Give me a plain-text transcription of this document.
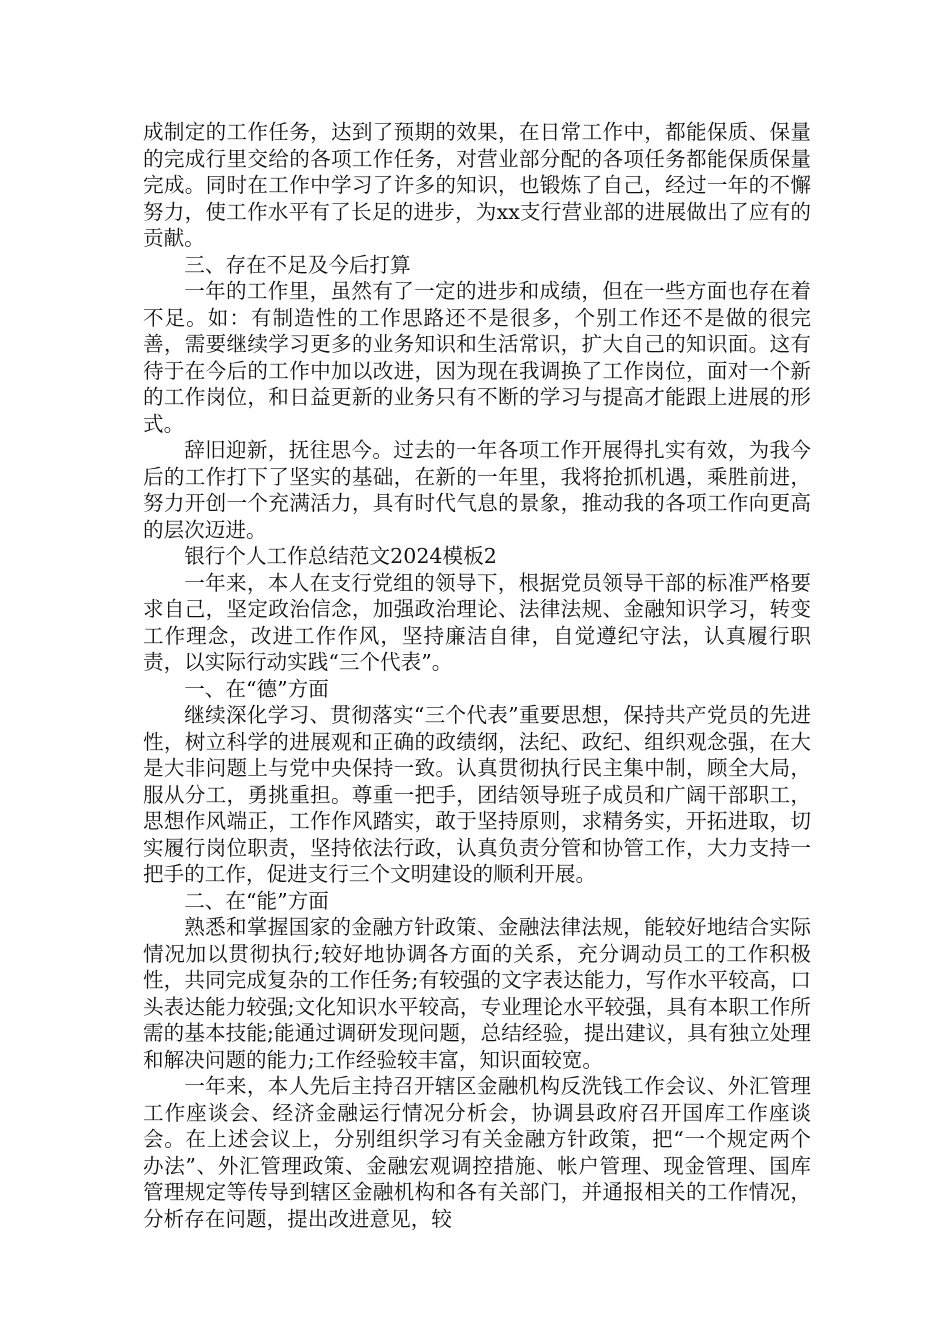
成制定的工作任务，达到了预期的效果，在日常工作中，都能保质、保量的完成行里交给的各项工作任务，对营业部分配的各项任务都能保质保量完成。同时在工作中学习了许多的知识，也锻炼了自己，经过一年的不懈努力，使工作水平有了长足的进步，为xx支行营业部的进展做出了应有的贡献。

三、存在不足及今后打算

一年的工作里，虽然有了一定的进步和成绩，但在一些方面也存在着不足。如：有制造性的工作思路还不是很多，个别工作还不是做的很完善，需要继续学习更多的业务知识和生活常识，扩大自己的知识面。这有待于在今后的工作中加以改进，因为现在我调换了工作岗位，面对一个新的工作岗位，和日益更新的业务只有不断的学习与提高才能跟上进展的形式。

辞旧迎新，抚往思今。过去的一年各项工作开展得扎实有效，为我今后的工作打下了坚实的基础，在新的一年里，我将抢抓机遇，乘胜前进，努力开创一个充满活力，具有时代气息的景象，推动我的各项工作向更高的层次迈进。

银行个人工作总结范文2024模板2

一年来，本人在支行党组的领导下，根据党员领导干部的标准严格要求自己，坚定政治信念，加强政治理论、法律法规、金融知识学习，转变工作理念，改进工作作风，坚持廉洁自律，自觉遵纪守法，认真履行职责，以实际行动实践“三个代表”。

一、在“德”方面

继续深化学习、贯彻落实“三个代表”重要思想，保持共产党员的先进性，树立科学的进展观和正确的政绩纲，法纪、政纪、组织观念强，在大是大非问题上与党中央保持一致。认真贯彻执行民主集中制，顾全大局，服从分工，勇挑重担。尊重一把手，团结领导班子成员和广阔干部职工，思想作风端正，工作作风踏实，敢于坚持原则，求精务实，开拓进取，切实履行岗位职责，坚持依法行政，认真负责分管和协管工作，大力支持一把手的工作，促进支行三个文明建设的顺利开展。

二、在“能”方面

熟悉和掌握国家的金融方针政策、金融法律法规，能较好地结合实际情况加以贯彻执行;较好地协调各方面的关系，充分调动员工的工作积极性，共同完成复杂的工作任务;有较强的文字表达能力，写作水平较高，口头表达能力较强;文化知识水平较高，专业理论水平较强，具有本职工作所需的基本技能;能通过调研发现问题，总结经验，提出建议，具有独立处理和解决问题的能力;工作经验较丰富，知识面较宽。

一年来，本人先后主持召开辖区金融机构反洗钱工作会议、外汇管理工作座谈会、经济金融运行情况分析会，协调县政府召开国库工作座谈会。在上述会议上，分别组织学习有关金融方针政策，把“一个规定两个办法”、外汇管理政策、金融宏观调控措施、帐户管理、现金管理、国库管理规定等传导到辖区金融机构和各有关部门，并通报相关的工作情况，分析存在问题，提出改进意见，较
